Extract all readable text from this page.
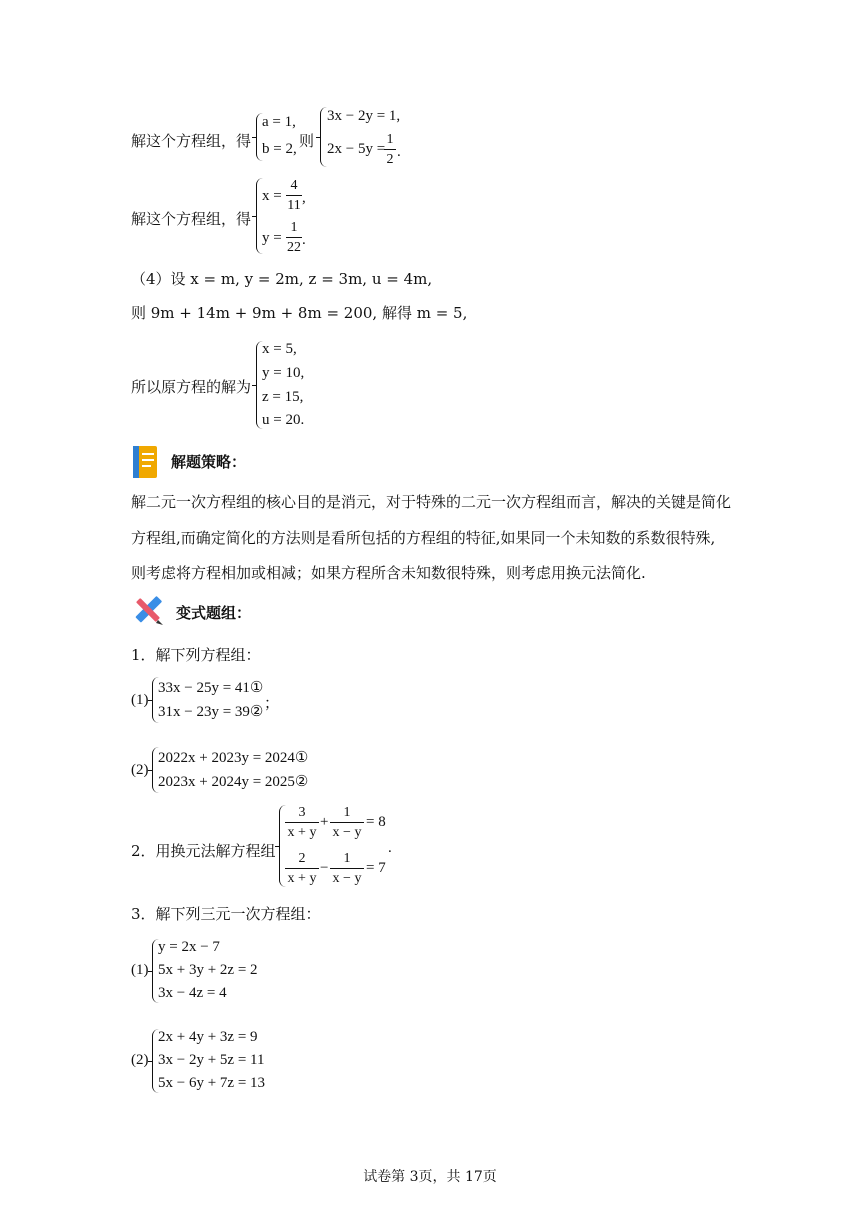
解这个方程组，得
a = 1,
b = 2, 则
3x − 2y = 1,
2x − 5y =
1
2 .
解这个方程组，得
x =
4
11 ,
y =
1
22 .
（4）设 x = m, y = 2m, z = 3m, u = 4m,
则 9m + 14m + 9m + 8m = 200, 解得 m = 5,
所以原方程的解为
x = 5,
y = 10,
z = 15,
u = 20.
解题策略：
解二元一次方程组的核心目的是消元，对于特殊的二元一次方程组而言，解决的关键是简化
方程组,而确定简化的方法则是看所包括的方程组的特征,如果同一个未知数的系数很特殊,
则考虑将方程相加或相减；如果方程所含未知数很特殊，则考虑用换元法简化.
变式题组：
1．解下列方程组：
(1)
33x − 25y = 41①
31x − 23y = 39② ；
(2)
2022x + 2023y = 2024①
2023x + 2024y = 2025②
2．用换元法解方程组
3
x + y
+
1
x − y
= 8
2
x + y
−
1
x − y
= 7
.
3．解下列三元一次方程组：
(1)
y = 2x − 7
5x + 3y + 2z = 2
3x − 4z = 4
(2)
2x + 4y + 3z = 9
3x − 2y + 5z = 11
5x − 6y + 7z = 13
试卷第 3页，共 17页
